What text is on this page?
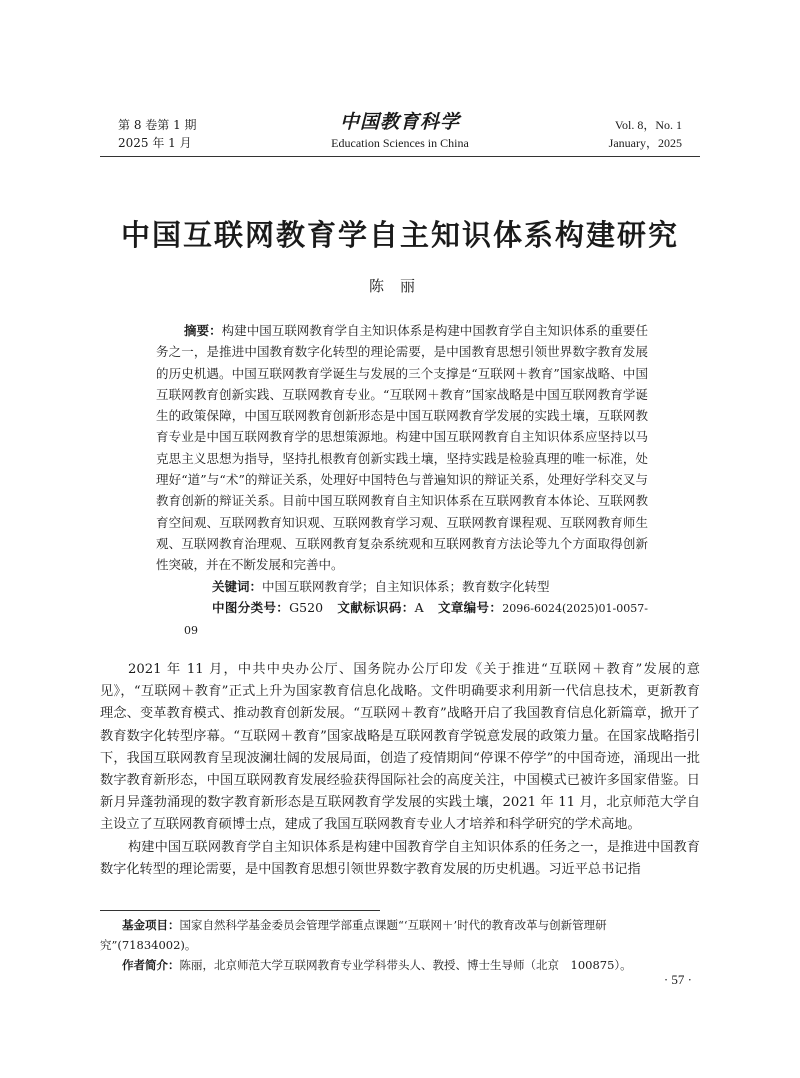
第 8 卷第 1 期
2025 年 1 月
中国教育科学
Education Sciences in China
Vol. 8，No. 1
January，2025
中国互联网教育学自主知识体系构建研究
陈丽

摘要：构建中国互联网教育学自主知识体系是构建中国教育学自主知识体系的重要任务之一，是推进中国教育数字化转型的理论需要，是中国教育思想引领世界数字教育发展的历史机遇。中国互联网教育学诞生与发展的三个支撑是“互联网＋教育”国家战略、中国互联网教育创新实践、互联网教育专业。“互联网＋教育”国家战略是中国互联网教育学诞生的政策保障，中国互联网教育创新形态是中国互联网教育学发展的实践土壤，互联网教育专业是中国互联网教育学的思想策源地。构建中国互联网教育自主知识体系应坚持以马克思主义思想为指导，坚持扎根教育创新实践土壤，坚持实践是检验真理的唯一标准，处理好“道”与“术”的辩证关系，处理好中国特色与普遍知识的辩证关系，处理好学科交叉与教育创新的辩证关系。目前中国互联网教育自主知识体系在互联网教育本体论、互联网教育空间观、互联网教育知识观、互联网教育学习观、互联网教育课程观、互联网教育师生观、互联网教育治理观、互联网教育复杂系统观和互联网教育方法论等九个方面取得创新性突破，并在不断发展和完善中。

关键词：中国互联网教育学；自主知识体系；教育数字化转型

中图分类号：G520 文献标识码：A 文章编号：2096-6024(2025)01-0057-09

2021 年 11 月，中共中央办公厅、国务院办公厅印发《关于推进“互联网＋教育”发展的意见》，“互联网＋教育”正式上升为国家教育信息化战略。文件明确要求利用新一代信息技术，更新教育理念、变革教育模式、推动教育创新发展。“互联网＋教育”战略开启了我国教育信息化新篇章，掀开了教育数字化转型序幕。“互联网＋教育”国家战略是互联网教育学锐意发展的政策力量。在国家战略指引下，我国互联网教育呈现波澜壮阔的发展局面，创造了疫情期间“停课不停学”的中国奇迹，涌现出一批数字教育新形态，中国互联网教育发展经验获得国际社会的高度关注，中国模式已被许多国家借鉴。日新月异蓬勃涌现的数字教育新形态是互联网教育学发展的实践土壤，2021 年 11 月，北京师范大学自主设立了互联网教育硕博士点，建成了我国互联网教育专业人才培养和科学研究的学术高地。

构建中国互联网教育学自主知识体系是构建中国教育学自主知识体系的任务之一，是推进中国教育数字化转型的理论需要，是中国教育思想引领世界数字教育发展的历史机遇。习近平总书记指

基金项目：国家自然科学基金委员会管理学部重点课题“‘互联网＋’时代的教育改革与创新管理研究”(71834002)。

作者简介：陈丽，北京师范大学互联网教育专业学科带头人、教授、博士生导师（北京　100875）。

· 57 ·
